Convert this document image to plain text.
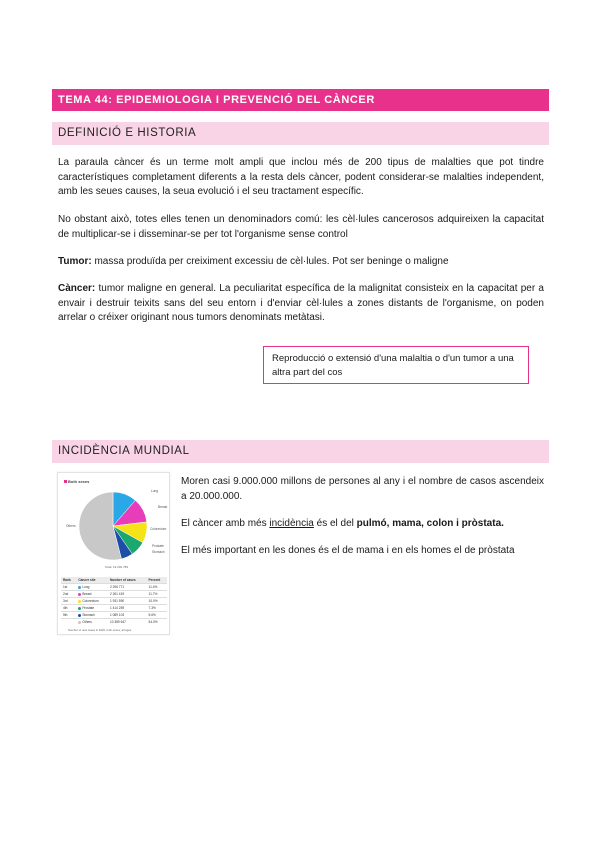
TEMA 44: EPIDEMIOLOGIA I PREVENCIÓ DEL CÀNCER
DEFINICIÓ E HISTORIA

La paraula càncer és un terme molt ampli que inclou més de 200 tipus de malalties que pot tindre característiques completament diferents a la resta dels càncer, podent considerar-se malalties independent, amb les seues causes, la seua evolució i el seu tractament específic.

No obstant això, totes elles tenen un denominadors comú: les cèl·lules cancerosos adquireixen la capacitat de multiplicar-se i disseminar-se per tot l'organisme sense control

Tumor: massa produïda per creiximent excessiu de cèl·lules. Pot ser beninge o maligne

Càncer: tumor maligne en general. La peculiaritat específica de la malignitat consisteix en la capacitat per a envair i destruir teixits sans del seu entorn i d'enviar cèl·lules a zones distants de l'organisme, on poden arrelar o créixer originant nous tumors denominats metàtasi.

Reproducció o extensió d'una malaltia o d'un tumor a una altra part del cos
INCIDÈNCIA MUNDIAL
Both sexes
Lung
Breast
Colorectum
Prostate
Stomach
Others
Total: 19 292 789
Rank	Cancer site	Number of cases	Percent
1st	Lung	2 206 771	11.4%
2nd	Breast	2 261 419	11.7%
3rd	Colorectum	1 931 590	10.0%
4th	Prostate	1 414 259	7.3%
5th	Stomach	1 089 103	5.6%
	Others	10 389 647	54.0%
Number of new cases in 2020, both sexes, all ages

Moren casi 9.000.000 millons de persones al any i el nombre de casos ascendeix a 20.000.000.

El càncer amb més incidència és el del pulmó, mama, colon i pròstata.

El més important en les dones és el de mama i en els homes el de pròstata
